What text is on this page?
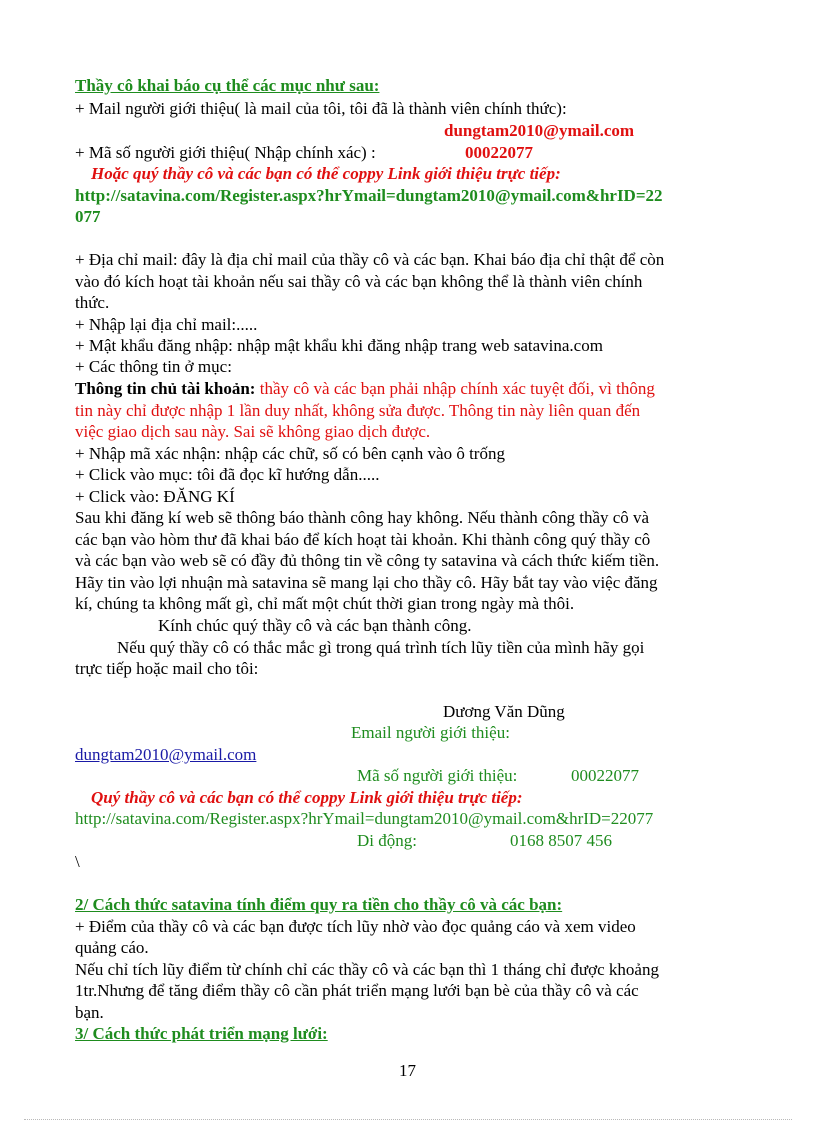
Thầy cô khai báo cụ thể các mục như sau:
+ Mail người giới thiệu( là mail của tôi, tôi đã là thành viên chính thức):
dungtam2010@ymail.com
+ Mã số người giới thiệu( Nhập chính xác) :	00022077
Hoặc quý thầy cô và các bạn có thể coppy Link giới thiệu trực tiếp:
http://satavina.com/Register.aspx?hrYmail=dungtam2010@ymail.com&hrID=22
077
+ Địa chỉ mail: đây là địa chỉ mail của thầy cô và các bạn. Khai báo địa chỉ thật để còn
vào đó kích hoạt tài khoản nếu sai thầy cô và các bạn không thể là thành viên chính
thức.
+ Nhập lại địa chỉ mail:.....
+ Mật khẩu đăng nhập: nhập mật khẩu khi đăng nhập trang web satavina.com
+ Các thông tin ở mục:
Thông tin chủ tài khoản: thầy cô và các bạn phải nhập chính xác tuyệt đối, vì thông
tin này chỉ được nhập 1 lần duy nhất, không sửa được. Thông tin này liên quan đến
việc giao dịch sau này. Sai sẽ không giao dịch được.
+ Nhập mã xác nhận: nhập các chữ, số có bên cạnh vào ô trống
+ Click vào mục: tôi đã đọc kĩ hướng dẫn.....
+ Click vào: ĐĂNG KÍ
Sau khi đăng kí web sẽ thông báo thành công hay không. Nếu thành công thầy cô và
các bạn vào hòm thư đã khai báo để kích hoạt tài khoản. Khi thành công quý thầy cô
và các bạn vào web sẽ có đầy đủ thông tin về công ty satavina và cách thức kiếm tiền.
Hãy tin vào lợi nhuận mà satavina sẽ mang lại cho thầy cô. Hãy bắt tay vào việc đăng
kí, chúng ta không mất gì, chỉ mất một chút thời gian trong ngày mà thôi.
Kính chúc quý thầy cô và các bạn thành công.
Nếu quý thầy cô có thắc mắc gì trong quá trình tích lũy tiền của mình hãy gọi
trực tiếp hoặc mail cho tôi:
Dương Văn Dũng
Email người giới thiệu:
dungtam2010@ymail.com
Mã số người giới thiệu:	00022077
Quý thầy cô và các bạn có thể coppy Link giới thiệu trực tiếp:
http://satavina.com/Register.aspx?hrYmail=dungtam2010@ymail.com&hrID=22077
Di động:	0168 8507 456
\
2/ Cách thức satavina tính điểm quy ra tiền cho thầy cô và các bạn:
+ Điểm của thầy cô và các bạn được tích lũy nhờ vào đọc quảng cáo và xem video
quảng cáo.
Nếu chỉ tích lũy điểm từ chính chỉ các thầy cô và các bạn thì 1 tháng chỉ được khoảng
1tr.Nhưng để tăng điểm thầy cô cần phát triển mạng lưới bạn bè của thầy cô và các
bạn.
3/ Cách thức phát triển mạng lưới:
17
